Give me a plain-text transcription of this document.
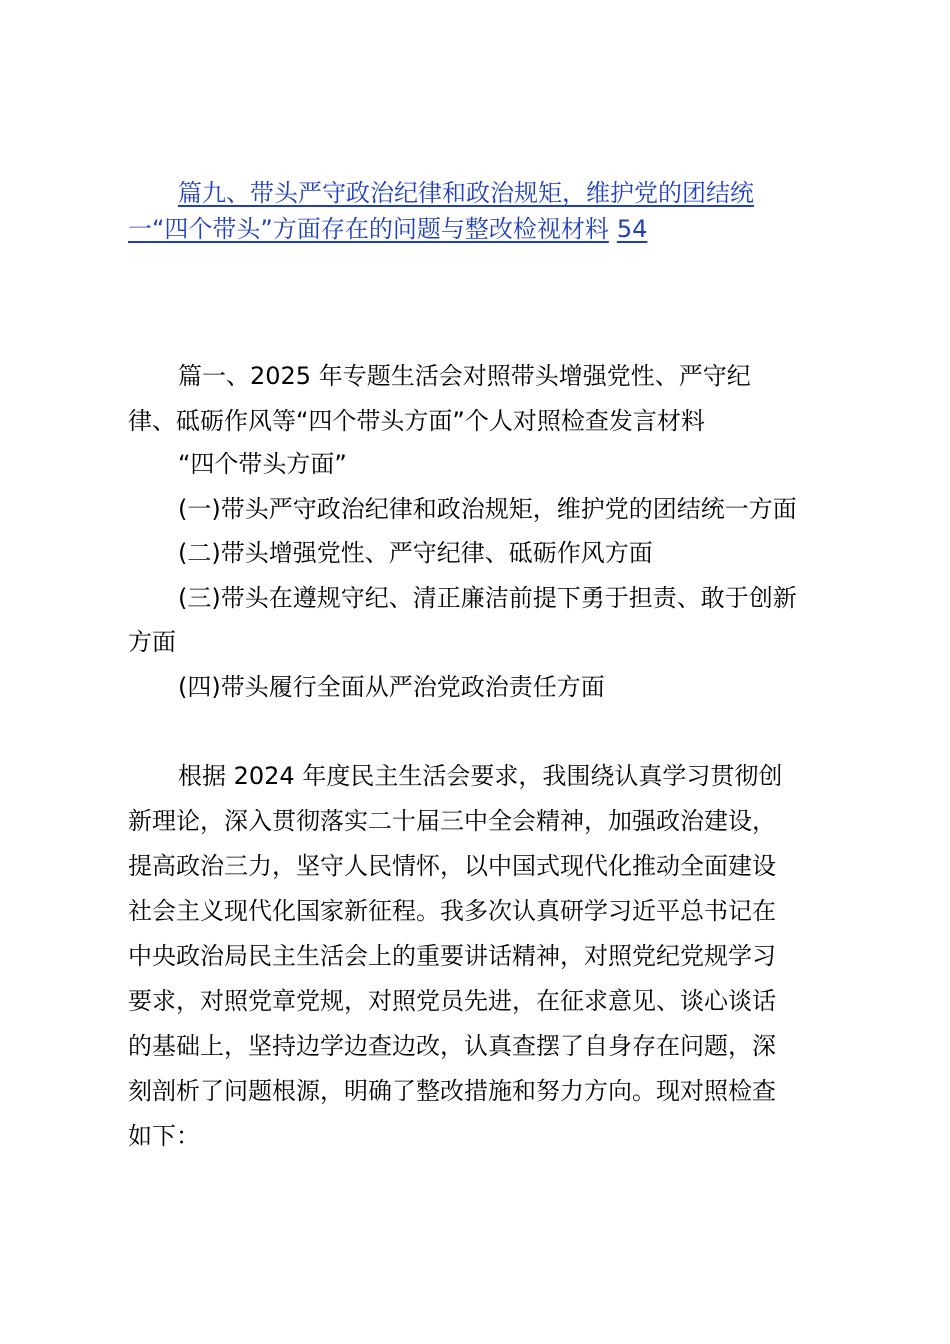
篇九、带头严守政治纪律和政治规矩，维护党的团结统
一“四个带头”方面存在的问题与整改检视材料 54
篇一、2025 年专题生活会对照带头增强党性、严守纪
律、砥砺作风等“四个带头方面”个人对照检查发言材料
“四个带头方面”
(一)带头严守政治纪律和政治规矩，维护党的团结统一方面
(二)带头增强党性、严守纪律、砥砺作风方面
(三)带头在遵规守纪、清正廉洁前提下勇于担责、敢于创新
方面
(四)带头履行全面从严治党政治责任方面
根据 2024 年度民主生活会要求，我围绕认真学习贯彻创
新理论，深入贯彻落实二十届三中全会精神，加强政治建设，
提高政治三力，坚守人民情怀，以中国式现代化推动全面建设
社会主义现代化国家新征程。我多次认真研学习近平总书记在
中央政治局民主生活会上的重要讲话精神，对照党纪党规学习
要求，对照党章党规，对照党员先进，在征求意见、谈心谈话
的基础上，坚持边学边查边改，认真查摆了自身存在问题，深
刻剖析了问题根源，明确了整改措施和努力方向。现对照检查
如下：
